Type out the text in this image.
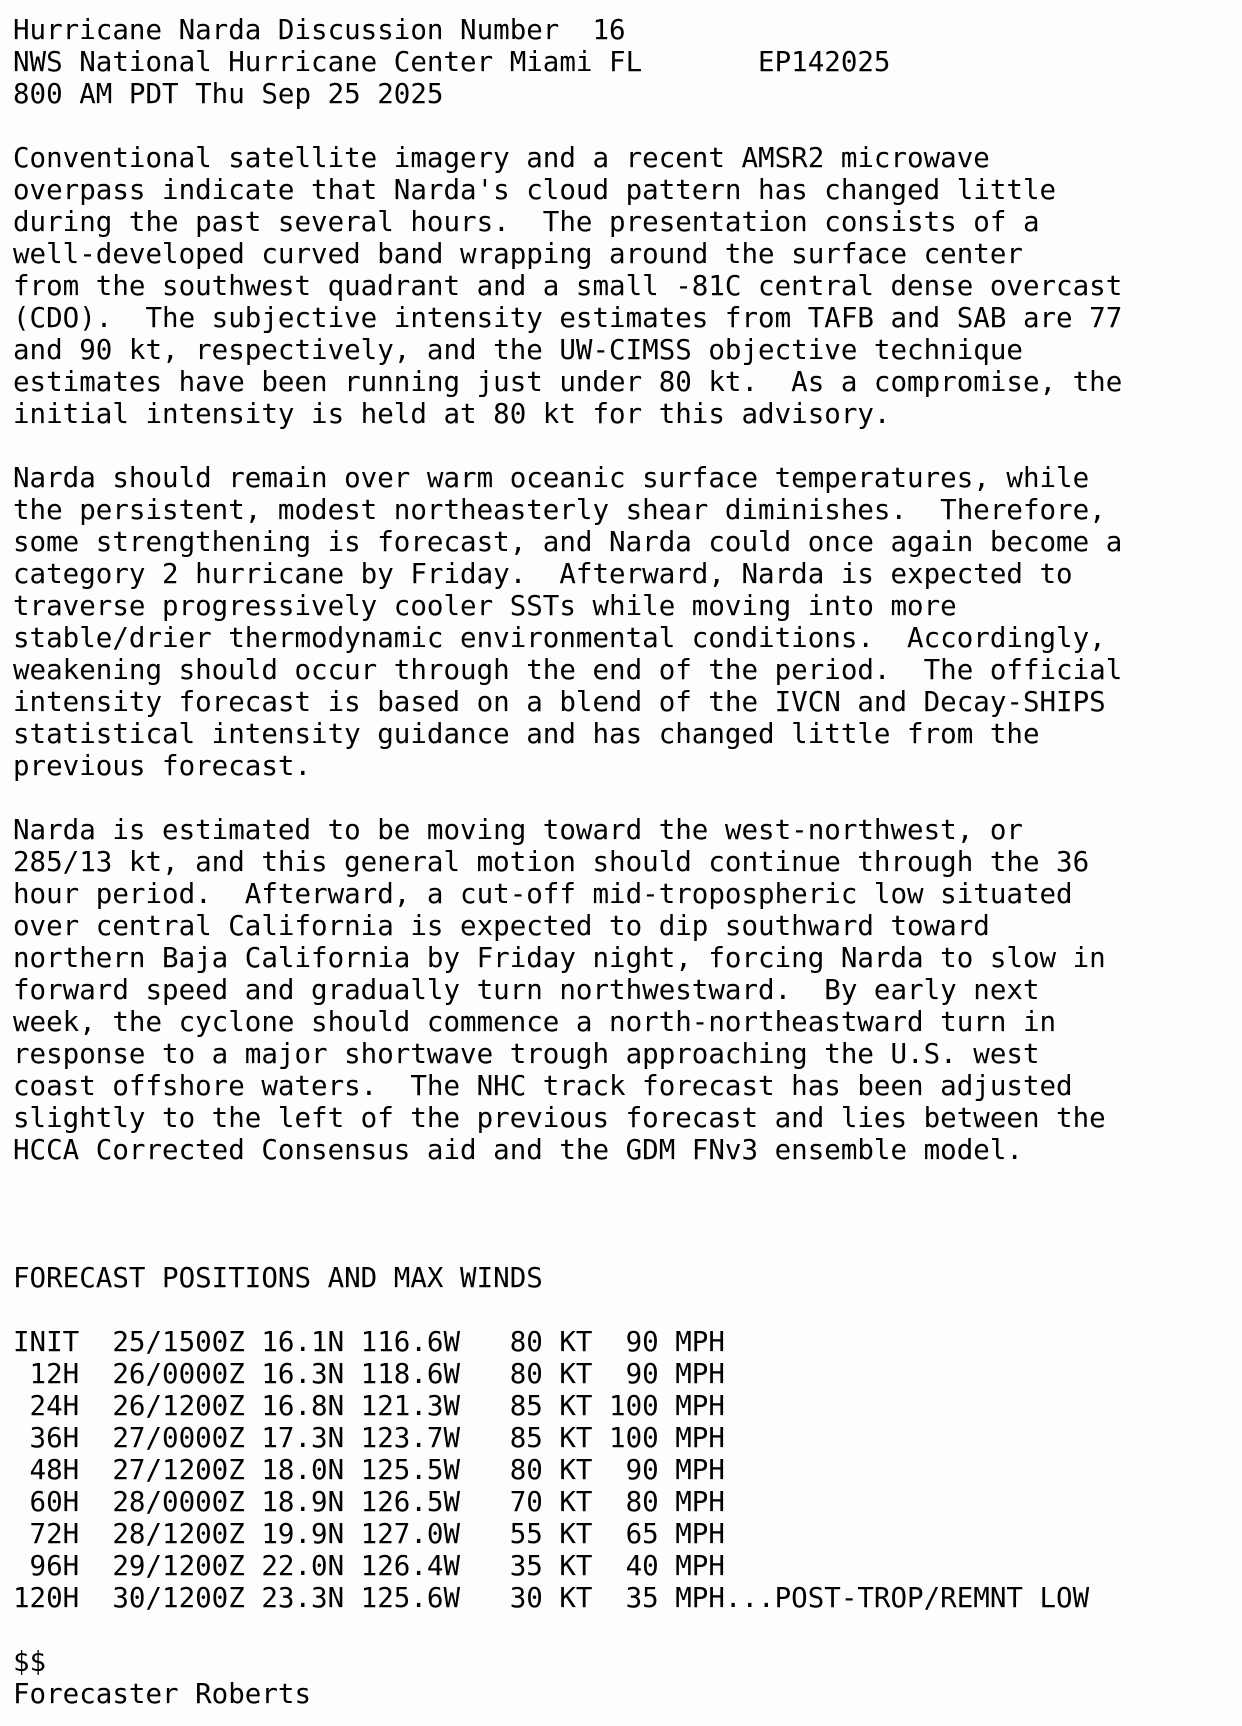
Hurricane Narda Discussion Number  16
NWS National Hurricane Center Miami FL       EP142025
800 AM PDT Thu Sep 25 2025
Conventional satellite imagery and a recent AMSR2 microwave
overpass indicate that Narda's cloud pattern has changed little
during the past several hours.  The presentation consists of a
well-developed curved band wrapping around the surface center
from the southwest quadrant and a small -81C central dense overcast
(CDO).  The subjective intensity estimates from TAFB and SAB are 77
and 90 kt, respectively, and the UW-CIMSS objective technique
estimates have been running just under 80 kt.  As a compromise, the
initial intensity is held at 80 kt for this advisory.
Narda should remain over warm oceanic surface temperatures, while
the persistent, modest northeasterly shear diminishes.  Therefore,
some strengthening is forecast, and Narda could once again become a
category 2 hurricane by Friday.  Afterward, Narda is expected to
traverse progressively cooler SSTs while moving into more
stable/drier thermodynamic environmental conditions.  Accordingly,
weakening should occur through the end of the period.  The official
intensity forecast is based on a blend of the IVCN and Decay-SHIPS
statistical intensity guidance and has changed little from the
previous forecast.
Narda is estimated to be moving toward the west-northwest, or
285/13 kt, and this general motion should continue through the 36
hour period.  Afterward, a cut-off mid-tropospheric low situated
over central California is expected to dip southward toward
northern Baja California by Friday night, forcing Narda to slow in
forward speed and gradually turn northwestward.  By early next
week, the cyclone should commence a north-northeastward turn in
response to a major shortwave trough approaching the U.S. west
coast offshore waters.  The NHC track forecast has been adjusted
slightly to the left of the previous forecast and lies between the
HCCA Corrected Consensus aid and the GDM FNv3 ensemble model.
FORECAST POSITIONS AND MAX WINDS
INIT  25/1500Z 16.1N 116.6W   80 KT  90 MPH
12H  26/0000Z 16.3N 118.6W   80 KT  90 MPH
24H  26/1200Z 16.8N 121.3W   85 KT 100 MPH
36H  27/0000Z 17.3N 123.7W   85 KT 100 MPH
48H  27/1200Z 18.0N 125.5W   80 KT  90 MPH
60H  28/0000Z 18.9N 126.5W   70 KT  80 MPH
72H  28/1200Z 19.9N 127.0W   55 KT  65 MPH
96H  29/1200Z 22.0N 126.4W   35 KT  40 MPH
120H  30/1200Z 23.3N 125.6W   30 KT  35 MPH...POST-TROP/REMNT LOW
$$
Forecaster Roberts
